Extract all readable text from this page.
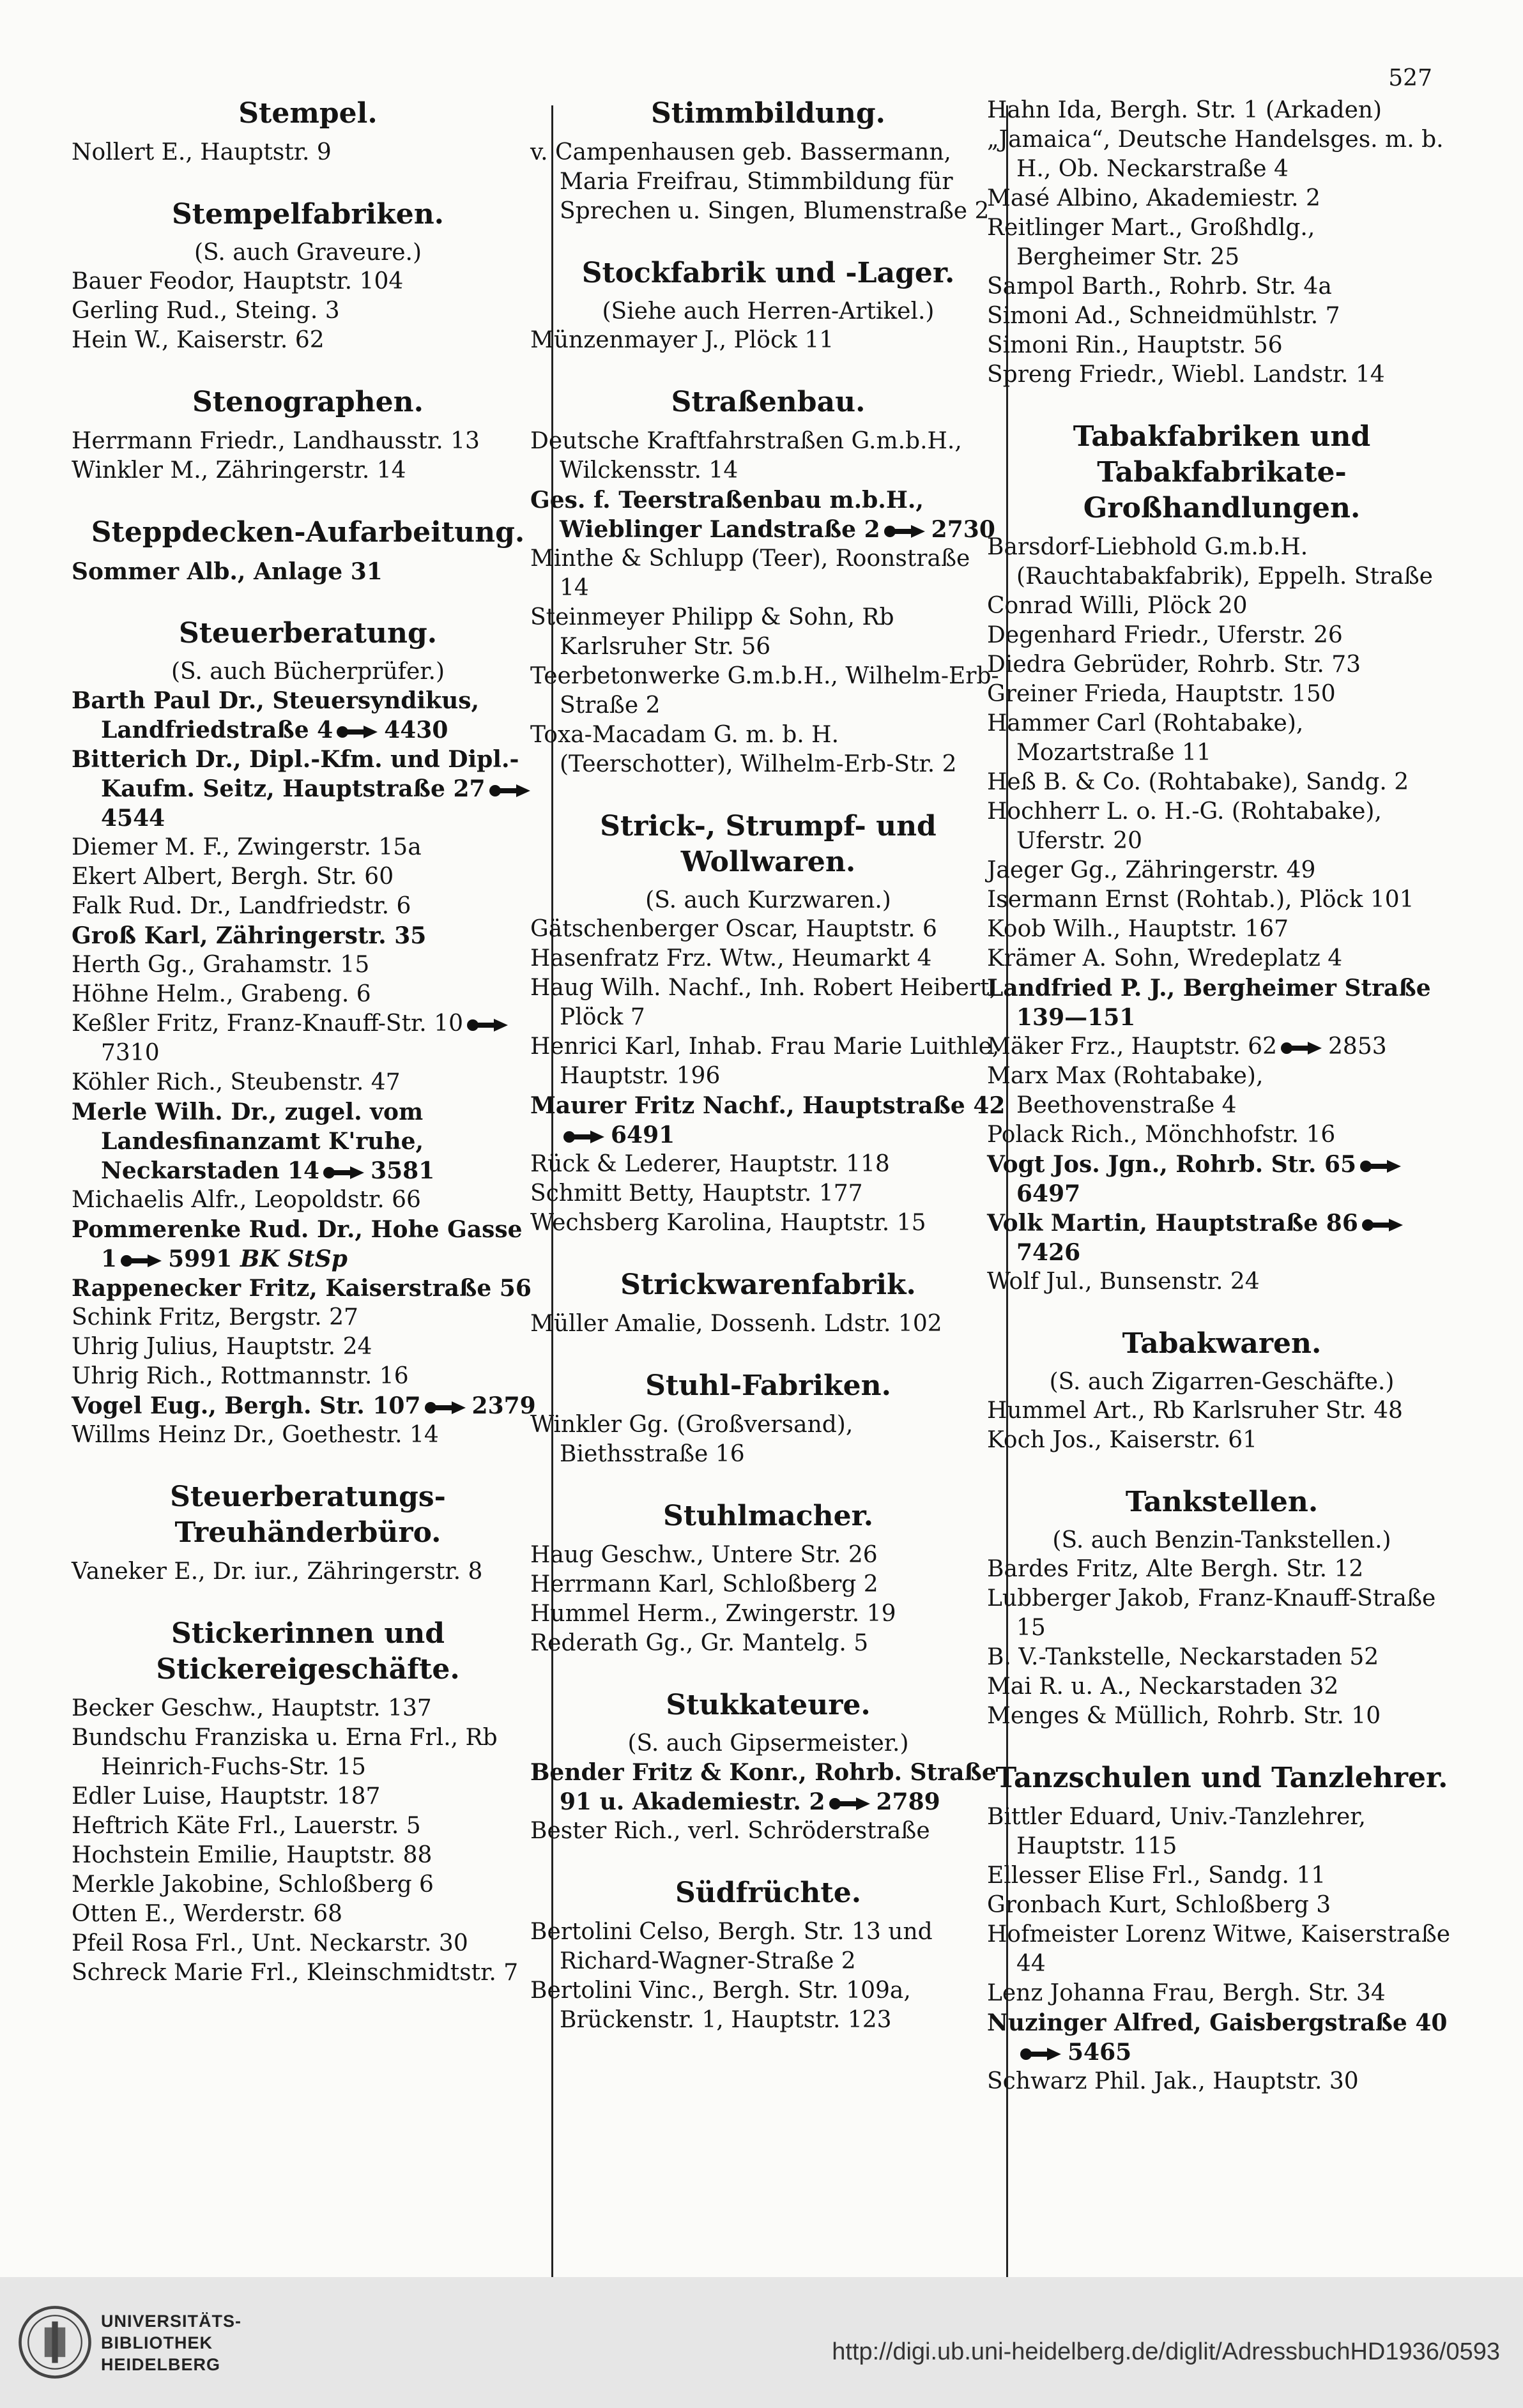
527
Stempel.
Nollert E., Hauptstr. 9
Stempelfabriken.
(S. auch Graveure.)
Bauer Feodor, Hauptstr. 104
Gerling Rud., Steing. 3
Hein W., Kaiserstr. 62
Stenographen.
Herrmann Friedr., Landhausstr. 13
Winkler M., Zähringerstr. 14
Steppdecken-Aufarbeitung.
Sommer Alb., Anlage 31
Steuerberatung.
(S. auch Bücherprüfer.)
Barth Paul Dr., Steuersyndikus, Landfriedstraße 4 4430
Bitterich Dr., Dipl.-Kfm. und Dipl.-Kaufm. Seitz, Hauptstraße 27
4544
Diemer M. F., Zwingerstr. 15a
Ekert Albert, Bergh. Str. 60
Falk Rud. Dr., Landfriedstr. 6
Groß Karl, Zähringerstr. 35
Herth Gg., Grahamstr. 15
Höhne Helm., Grabeng. 6
Keßler Fritz, Franz-Knauff-Str. 10
7310
Köhler Rich., Steubenstr. 47
Merle Wilh. Dr., zugel. vom Landesfinanzamt K'ruhe, Neckarstaden 14 3581
Michaelis Alfr., Leopoldstr. 66
Pommerenke Rud. Dr., Hohe Gasse 1 5991 BK StSp
Rappenecker Fritz, Kaiserstraße 56
Schink Fritz, Bergstr. 27
Uhrig Julius, Hauptstr. 24
Uhrig Rich., Rottmannstr. 16
Vogel Eug., Bergh. Str. 107 2379
Willms Heinz Dr., Goethestr. 14
Steuerberatungs-Treuhänderbüro.
Vaneker E., Dr. iur., Zähringerstr. 8
Stickerinnen und Stickereigeschäfte.
Becker Geschw., Hauptstr. 137
Bundschu Franziska u. Erna Frl., Rb Heinrich-Fuchs-Str. 15
Edler Luise, Hauptstr. 187
Heftrich Käte Frl., Lauerstr. 5
Hochstein Emilie, Hauptstr. 88
Merkle Jakobine, Schloßberg 6
Otten E., Werderstr. 68
Pfeil Rosa Frl., Unt. Neckarstr. 30
Schreck Marie Frl., Kleinschmidtstr. 7
Stimmbildung.
v. Campenhausen geb. Bassermann, Maria Freifrau, Stimmbildung für Sprechen u. Singen, Blumenstraße 2
Stockfabrik und -Lager.
(Siehe auch Herren-Artikel.)
Münzenmayer J., Plöck 11
Straßenbau.
Deutsche Kraftfahrstraßen G.m.b.H., Wilckensstr. 14
Ges. f. Teerstraßenbau m.b.H., Wieblinger Landstraße 2 2730
Minthe & Schlupp (Teer), Roonstraße 14
Steinmeyer Philipp & Sohn, Rb Karlsruher Str. 56
Teerbetonwerke G.m.b.H., Wilhelm-Erb-Straße 2
Toxa-Macadam G. m. b. H. (Teerschotter), Wilhelm-Erb-Str. 2
Strick-, Strumpf- und Wollwaren.
(S. auch Kurzwaren.)
Gätschenberger Oscar, Hauptstr. 6
Hasenfratz Frz. Wtw., Heumarkt 4
Haug Wilh. Nachf., Inh. Robert Heibert, Plöck 7
Henrici Karl, Inhab. Frau Marie Luithle, Hauptstr. 196
Maurer Fritz Nachf., Hauptstraße 42
6491
Rück & Lederer, Hauptstr. 118
Schmitt Betty, Hauptstr. 177
Wechsberg Karolina, Hauptstr. 15
Strickwarenfabrik.
Müller Amalie, Dossenh. Ldstr. 102
Stuhl-Fabriken.
Winkler Gg. (Großversand), Biethsstraße 16
Stuhlmacher.
Haug Geschw., Untere Str. 26
Herrmann Karl, Schloßberg 2
Hummel Herm., Zwingerstr. 19
Rederath Gg., Gr. Mantelg. 5
Stukkateure.
(S. auch Gipsermeister.)
Bender Fritz & Konr., Rohrb. Straße 91 u. Akademiestr. 2 2789
Bester Rich., verl. Schröderstraße
Südfrüchte.
Bertolini Celso, Bergh. Str. 13 und Richard-Wagner-Straße 2
Bertolini Vinc., Bergh. Str. 109a, Brückenstr. 1, Hauptstr. 123
Hahn Ida, Bergh. Str. 1 (Arkaden)
„Jamaica“, Deutsche Handelsges. m. b. H., Ob. Neckarstraße 4
Masé Albino, Akademiestr. 2
Reitlinger Mart., Großhdlg., Bergheimer Str. 25
Sampol Barth., Rohrb. Str. 4a
Simoni Ad., Schneidmühlstr. 7
Simoni Rin., Hauptstr. 56
Spreng Friedr., Wiebl. Landstr. 14
Tabakfabriken und Tabakfabrikate-Großhandlungen.
Barsdorf-Liebhold G.m.b.H. (Rauchtabakfabrik), Eppelh. Straße
Conrad Willi, Plöck 20
Degenhard Friedr., Uferstr. 26
Diedra Gebrüder, Rohrb. Str. 73
Greiner Frieda, Hauptstr. 150
Hammer Carl (Rohtabake), Mozartstraße 11
Heß B. & Co. (Rohtabake), Sandg. 2
Hochherr L. o. H.-G. (Rohtabake), Uferstr. 20
Jaeger Gg., Zähringerstr. 49
Isermann Ernst (Rohtab.), Plöck 101
Koob Wilh., Hauptstr. 167
Krämer A. Sohn, Wredeplatz 4
Landfried P. J., Bergheimer Straße 139—151
Mäker Frz., Hauptstr. 62 2853
Marx Max (Rohtabake), Beethovenstraße 4
Polack Rich., Mönchhofstr. 16
Vogt Jos. Jgn., Rohrb. Str. 65
6497
Volk Martin, Hauptstraße 86
7426
Wolf Jul., Bunsenstr. 24
Tabakwaren.
(S. auch Zigarren-Geschäfte.)
Hummel Art., Rb Karlsruher Str. 48
Koch Jos., Kaiserstr. 61
Tankstellen.
(S. auch Benzin-Tankstellen.)
Bardes Fritz, Alte Bergh. Str. 12
Lubberger Jakob, Franz-Knauff-Straße 15
B. V.-Tankstelle, Neckarstaden 52
Mai R. u. A., Neckarstaden 32
Menges & Müllich, Rohrb. Str. 10
Tanzschulen und Tanzlehrer.
Bittler Eduard, Univ.-Tanzlehrer, Hauptstr. 115
Ellesser Elise Frl., Sandg. 11
Gronbach Kurt, Schloßberg 3
Hofmeister Lorenz Witwe, Kaiserstraße 44
Lenz Johanna Frau, Bergh. Str. 34
Nuzinger Alfred, Gaisbergstraße 40
5465
Schwarz Phil. Jak., Hauptstr. 30
UNIVERSITÄTS-
BIBLIOTHEK
HEIDELBERG	http://digi.ub.uni-heidelberg.de/diglit/AdressbuchHD1936/0593
